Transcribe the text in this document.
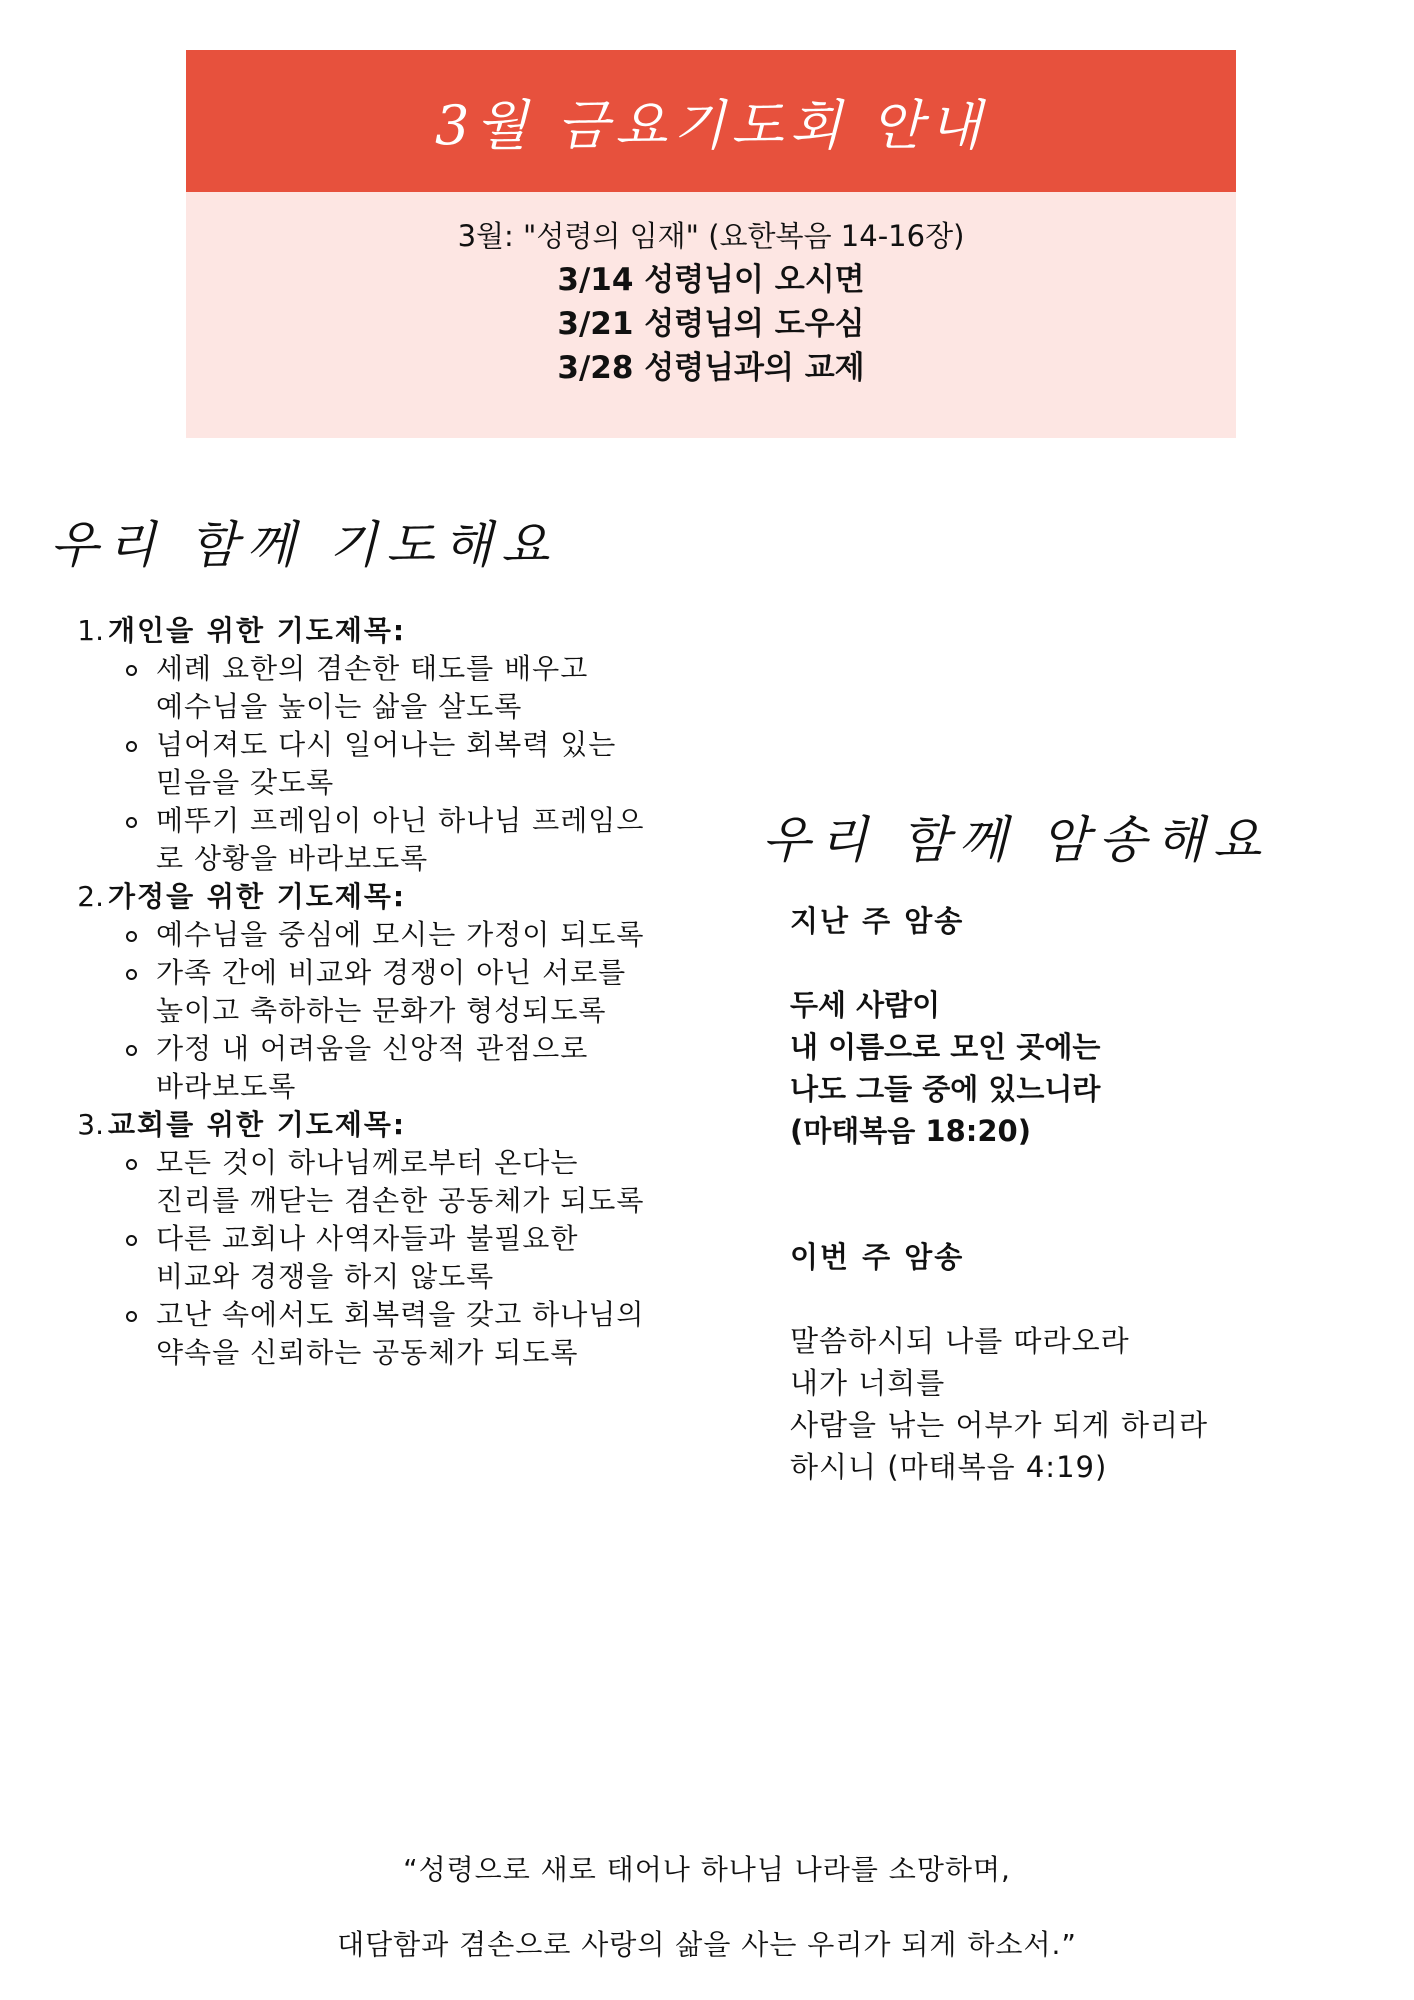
3월 금요기도회 안내
3월: "성령의 임재" (요한복음 14-16장)
3/14 성령님이 오시면
3/21 성령님의 도우심
3/28 성령님과의 교제
우리 함께 기도해요
1. 개인을 위한 기도제목:
세례 요한의 겸손한 태도를 배우고
예수님을 높이는 삶을 살도록
넘어져도 다시 일어나는 회복력 있는
믿음을 갖도록
메뚜기 프레임이 아닌 하나님 프레임으
로 상황을 바라보도록
2. 가정을 위한 기도제목:
예수님을 중심에 모시는 가정이 되도록
가족 간에 비교와 경쟁이 아닌 서로를
높이고 축하하는 문화가 형성되도록
가정 내 어려움을 신앙적 관점으로
바라보도록
3. 교회를 위한 기도제목:
모든 것이 하나님께로부터 온다는
진리를 깨닫는 겸손한 공동체가 되도록
다른 교회나 사역자들과 불필요한
비교와 경쟁을 하지 않도록
고난 속에서도 회복력을 갖고 하나님의
약속을 신뢰하는 공동체가 되도록
우리 함께 암송해요
지난 주 암송
두세 사람이
내 이름으로 모인 곳에는
나도 그들 중에 있느니라
(마태복음 18:20)
이번 주 암송
말씀하시되 나를 따라오라
내가 너희를
사람을 낚는 어부가 되게 하리라
하시니 (마태복음 4:19)
“성령으로 새로 태어나 하나님 나라를 소망하며,
대담함과 겸손으로 사랑의 삶을 사는 우리가 되게 하소서.”
